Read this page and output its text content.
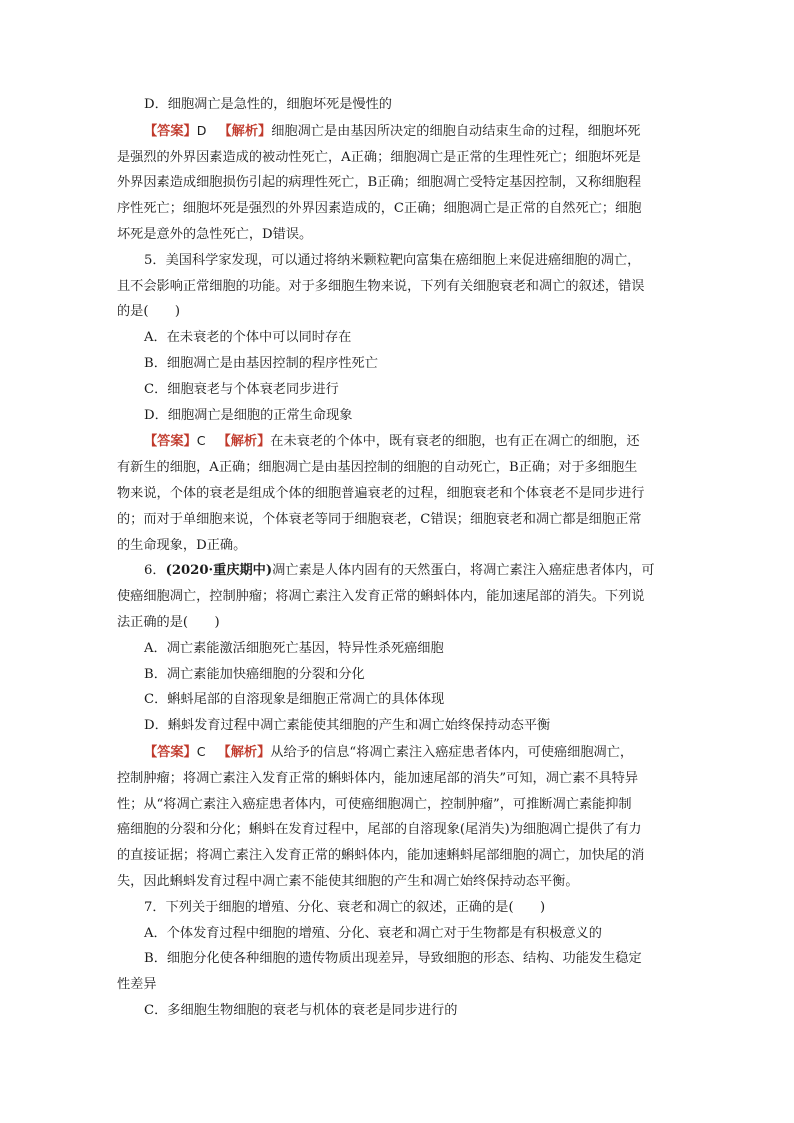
D．细胞凋亡是急性的，细胞坏死是慢性的
【答案】D 【解析】细胞凋亡是由基因所决定的细胞自动结束生命的过程，细胞坏死
是强烈的外界因素造成的被动性死亡，A正确；细胞凋亡是正常的生理性死亡；细胞坏死是
外界因素造成细胞损伤引起的病理性死亡，B正确；细胞凋亡受特定基因控制，又称细胞程
序性死亡；细胞坏死是强烈的外界因素造成的，C正确；细胞凋亡是正常的自然死亡；细胞
坏死是意外的急性死亡，D错误。
5．美国科学家发现，可以通过将纳米颗粒靶向富集在癌细胞上来促进癌细胞的凋亡，
且不会影响正常细胞的功能。对于多细胞生物来说，下列有关细胞衰老和凋亡的叙述，错误
的是(　　)
A．在未衰老的个体中可以同时存在
B．细胞凋亡是由基因控制的程序性死亡
C．细胞衰老与个体衰老同步进行
D．细胞凋亡是细胞的正常生命现象
【答案】C 【解析】在未衰老的个体中，既有衰老的细胞，也有正在凋亡的细胞，还
有新生的细胞，A正确；细胞凋亡是由基因控制的细胞的自动死亡，B正确；对于多细胞生
物来说，个体的衰老是组成个体的细胞普遍衰老的过程，细胞衰老和个体衰老不是同步进行
的；而对于单细胞来说，个体衰老等同于细胞衰老，C错误；细胞衰老和凋亡都是细胞正常
的生命现象，D正确。
6．(2020·重庆期中)凋亡素是人体内固有的天然蛋白，将凋亡素注入癌症患者体内，可
使癌细胞凋亡，控制肿瘤；将凋亡素注入发育正常的蝌蚪体内，能加速尾部的消失。下列说
法正确的是(　　)
A．凋亡素能激活细胞死亡基因，特异性杀死癌细胞
B．凋亡素能加快癌细胞的分裂和分化
C．蝌蚪尾部的自溶现象是细胞正常凋亡的具体体现
D．蝌蚪发育过程中凋亡素能使其细胞的产生和凋亡始终保持动态平衡
【答案】C 【解析】从给予的信息“将凋亡素注入癌症患者体内，可使癌细胞凋亡，
控制肿瘤；将凋亡素注入发育正常的蝌蚪体内，能加速尾部的消失”可知，凋亡素不具特异
性；从“将凋亡素注入癌症患者体内，可使癌细胞凋亡，控制肿瘤”，可推断凋亡素能抑制
癌细胞的分裂和分化；蝌蚪在发育过程中，尾部的自溶现象(尾消失)为细胞凋亡提供了有力
的直接证据；将凋亡素注入发育正常的蝌蚪体内，能加速蝌蚪尾部细胞的凋亡，加快尾的消
失，因此蝌蚪发育过程中凋亡素不能使其细胞的产生和凋亡始终保持动态平衡。
7．下列关于细胞的增殖、分化、衰老和凋亡的叙述，正确的是(　　)
A．个体发育过程中细胞的增殖、分化、衰老和凋亡对于生物都是有积极意义的
B．细胞分化使各种细胞的遗传物质出现差异，导致细胞的形态、结构、功能发生稳定
性差异
C．多细胞生物细胞的衰老与机体的衰老是同步进行的
